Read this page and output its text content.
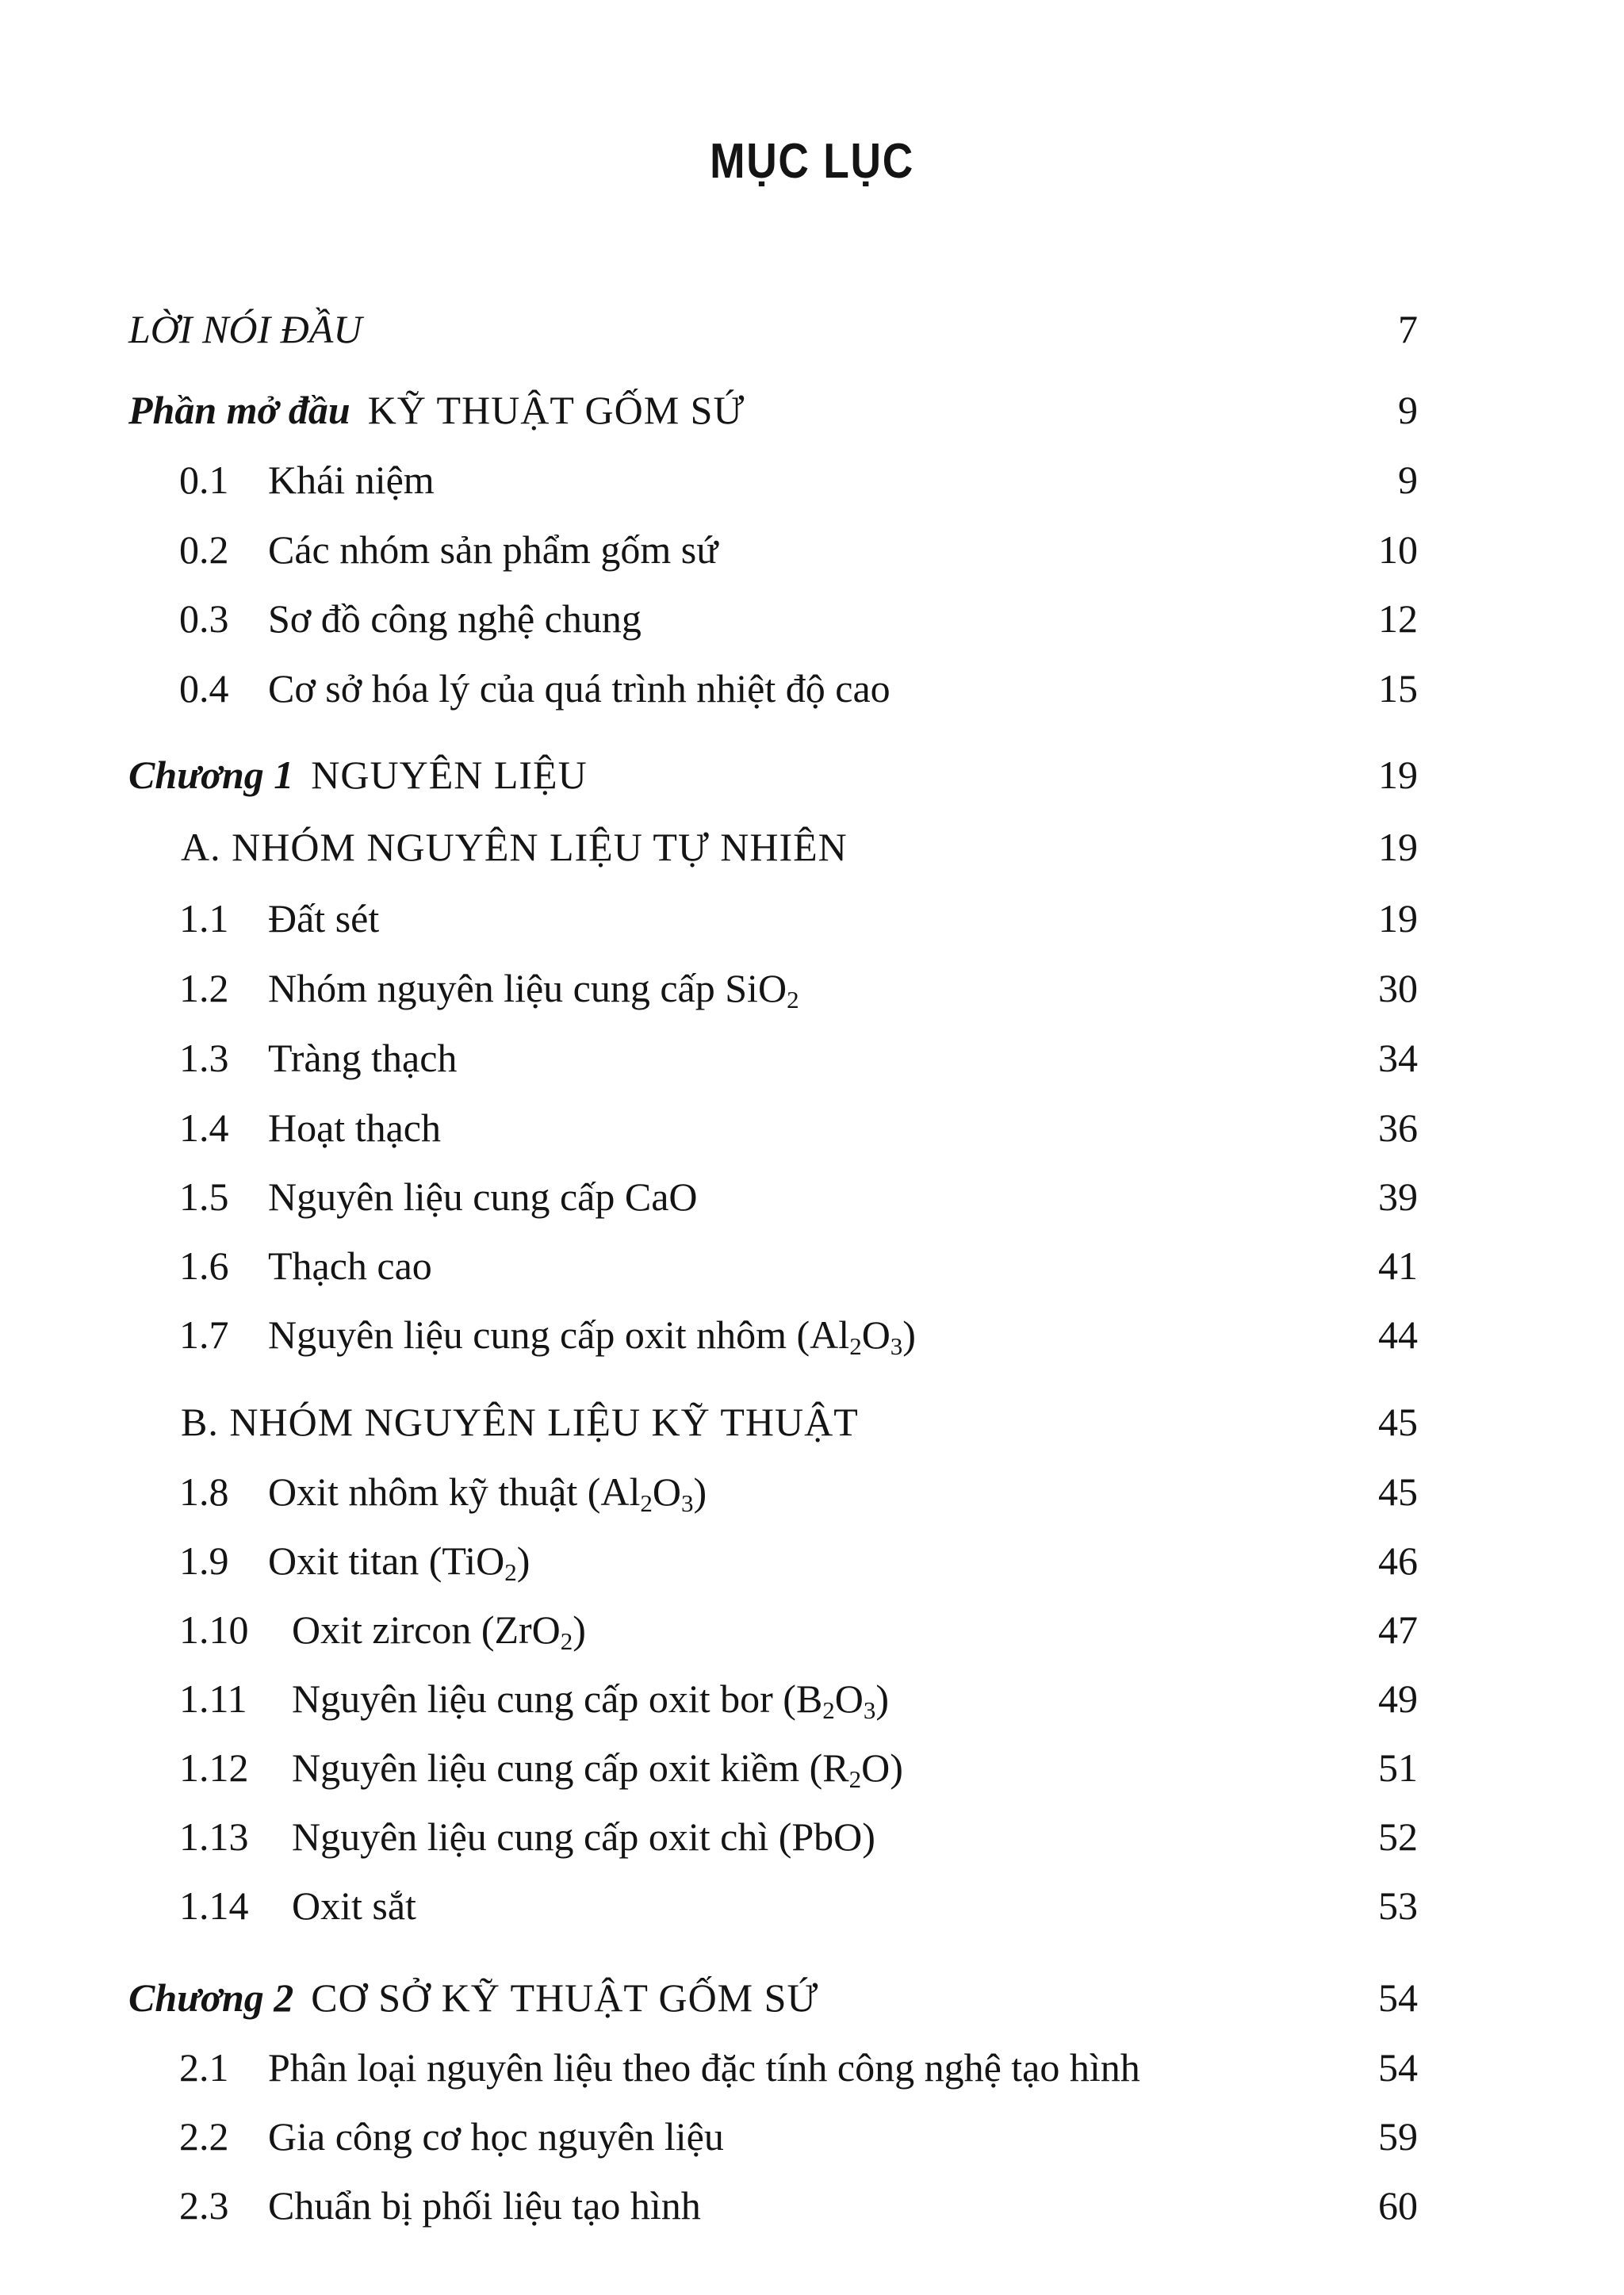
MỤC LỤC
LỜI NÓI ĐẦU	7
Phần mở đầu KỸ THUẬT GỐM SỨ	9
0.1 Khái niệm	9
0.2 Các nhóm sản phẩm gốm sứ	10
0.3 Sơ đồ công nghệ chung	12
0.4 Cơ sở hóa lý của quá trình nhiệt độ cao	15
Chương 1 NGUYÊN LIỆU	19
A. NHÓM NGUYÊN LIỆU TỰ NHIÊN	19
1.1 Đất sét	19
1.2 Nhóm nguyên liệu cung cấp SiO$_2$	30
1.3 Tràng thạch	34
1.4 Hoạt thạch	36
1.5 Nguyên liệu cung cấp CaO	39
1.6 Thạch cao	41
1.7 Nguyên liệu cung cấp oxit nhôm $(Al_2O_3)$	44
B. NHÓM NGUYÊN LIỆU KỸ THUẬT	45
1.8 Oxit nhôm kỹ thuật $(Al_2O_3)$	45
1.9 Oxit titan (TiO$_2$)	46
1.10 Oxit zircon (ZrO$_2$)	47
1.11 Nguyên liệu cung cấp oxit bor $(B_2O_3)$	49
1.12 Nguyên liệu cung cấp oxit kiềm $(R_2O)$	51
1.13 Nguyên liệu cung cấp oxit chì (PbO)	52
1.14 Oxit sắt	53
Chương 2 CƠ SỞ KỸ THUẬT GỐM SỨ	54
2.1 Phân loại nguyên liệu theo đặc tính công nghệ tạo hình	54
2.2 Gia công cơ học nguyên liệu	59
2.3 Chuẩn bị phối liệu tạo hình	60
